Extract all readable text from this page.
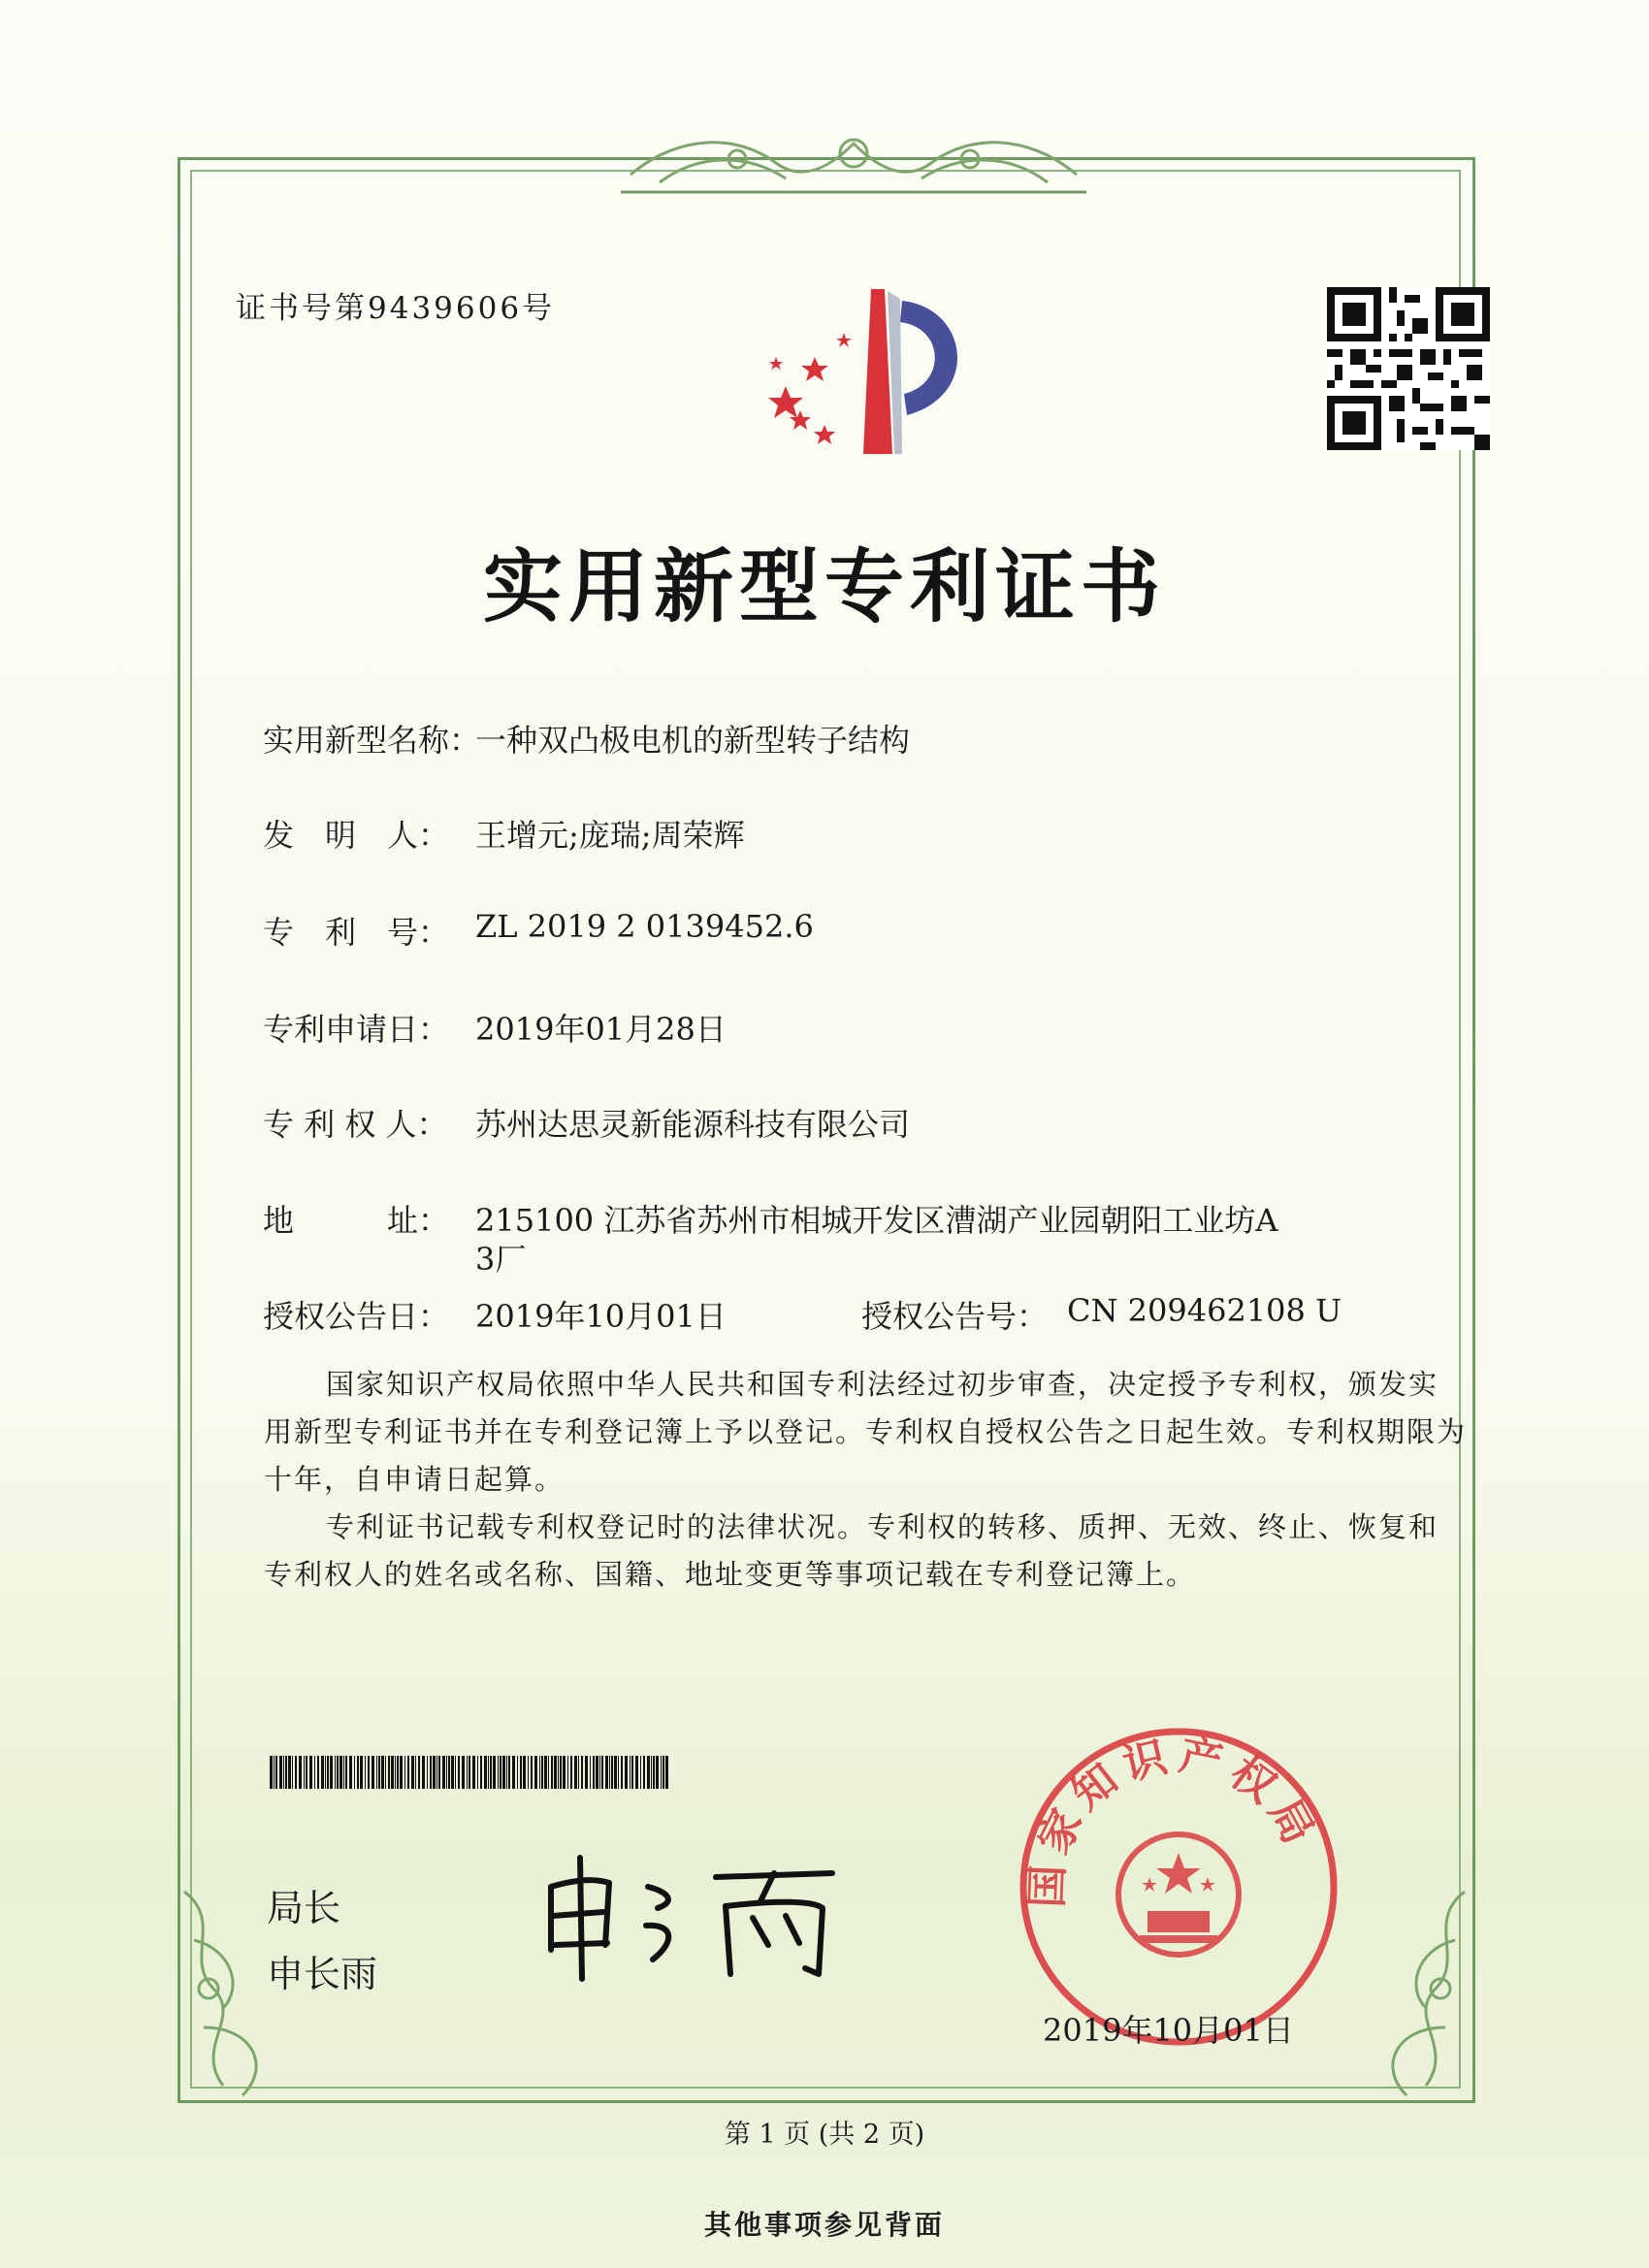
证书号第9439606号
实用新型专利证书
实用新型名称：
一种双凸极电机的新型转子结构
发　明　人： 王增元;庞瑞;周荣辉
专　利　号： ZL 2019 2 0139452.6
专利申请日： 2019年01月28日
专 利 权 人： 苏州达思灵新能源科技有限公司
地　　　址： 215100 江苏省苏州市相城开发区漕湖产业园朝阳工业坊A
3厂
授权公告日： 2019年10月01日	授权公告号： CN 209462108 U
国家知识产权局依照中华人民共和国专利法经过初步审查，决定授予专利权，颁发实用新型专利证书并在专利登记簿上予以登记。专利权自授权公告之日起生效。专利权期限为十年，自申请日起算。
专利证书记载专利权登记时的法律状况。专利权的转移、质押、无效、终止、恢复和专利权人的姓名或名称、国籍、地址变更等事项记载在专利登记簿上。
局长
申长雨
国家知识产权局
2019年10月01日
第 1 页 (共 2 页)
其他事项参见背面
